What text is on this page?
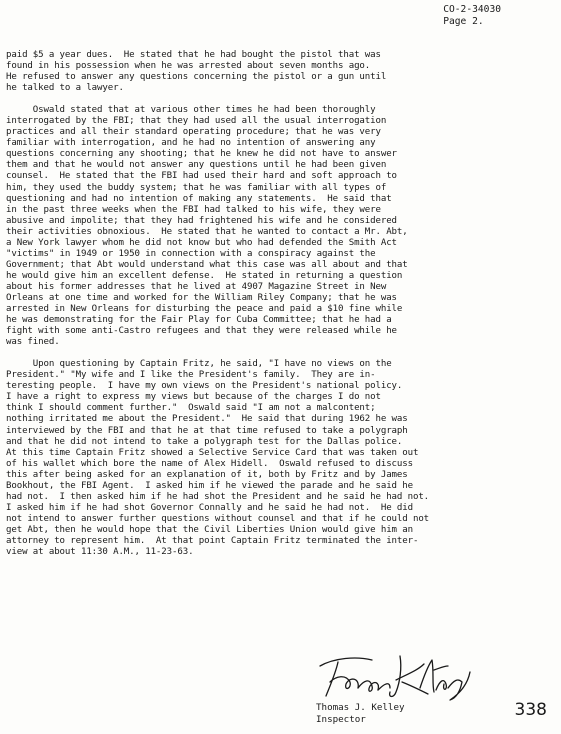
CO-2-34030
Page 2.
paid $5 a year dues.  He stated that he had bought the pistol that was
found in his possession when he was arrested about seven months ago.
He refused to answer any questions concerning the pistol or a gun until
he talked to a lawyer.
Oswald stated that at various other times he had been thoroughly
interrogated by the FBI; that they had used all the usual interrogation
practices and all their standard operating procedure; that he was very
familiar with interrogation, and he had no intention of answering any
questions concerning any shooting; that he knew he did not have to answer
them and that he would not answer any questions until he had been given
counsel.  He stated that the FBI had used their hard and soft approach to
him, they used the buddy system; that he was familiar with all types of
questioning and had no intention of making any statements.  He said that
in the past three weeks when the FBI had talked to his wife, they were
abusive and impolite; that they had frightened his wife and he considered
their activities obnoxious.  He stated that he wanted to contact a Mr. Abt,
a New York lawyer whom he did not know but who had defended the Smith Act
"victims" in 1949 or 1950 in connection with a conspiracy against the
Government; that Abt would understand what this case was all about and that
he would give him an excellent defense.  He stated in returning a question
about his former addresses that he lived at 4907 Magazine Street in New
Orleans at one time and worked for the William Riley Company; that he was
arrested in New Orleans for disturbing the peace and paid a $10 fine while
he was demonstrating for the Fair Play for Cuba Committee; that he had a
fight with some anti-Castro refugees and that they were released while he
was fined.
Upon questioning by Captain Fritz, he said, "I have no views on the
President." "My wife and I like the President's family.  They are in-
teresting people.  I have my own views on the President's national policy.
I have a right to express my views but because of the charges I do not
think I should comment further."  Oswald said "I am not a malcontent;
nothing irritated me about the President."  He said that during 1962 he was
interviewed by the FBI and that he at that time refused to take a polygraph
and that he did not intend to take a polygraph test for the Dallas police.
At this time Captain Fritz showed a Selective Service Card that was taken out
of his wallet which bore the name of Alex Hidell.  Oswald refused to discuss
this after being asked for an explanation of it, both by Fritz and by James
Bookhout, the FBI Agent.  I asked him if he viewed the parade and he said he
had not.  I then asked him if he had shot the President and he said he had not.
I asked him if he had shot Governor Connally and he said he had not.  He did
not intend to answer further questions without counsel and that if he could not
get Abt, then he would hope that the Civil Liberties Union would give him an
attorney to represent him.  At that point Captain Fritz terminated the inter-
view at about 11:30 A.M., 11-23-63.
Thomas J. Kelley
Inspector	338
